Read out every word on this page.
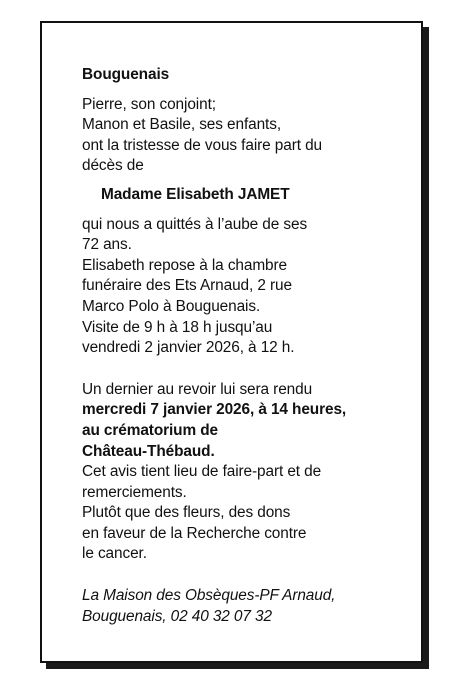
Bouguenais

Pierre, son conjoint;
Manon et Basile, ses enfants,
ont la tristesse de vous faire part du
décès de

Madame Elisabeth JAMET

qui nous a quittés à l’aube de ses
72 ans.
Elisabeth repose à la chambre
funéraire des Ets Arnaud, 2 rue
Marco Polo à Bouguenais.
Visite de 9 h à 18 h jusqu’au
vendredi 2 janvier 2026, à 12 h.

Un dernier au revoir lui sera rendu
mercredi 7 janvier 2026, à 14 heures,
au crématorium de
Château-Thébaud.
Cet avis tient lieu de faire-part et de
remerciements.
Plutôt que des fleurs, des dons
en faveur de la Recherche contre
le cancer.

La Maison des Obsèques-PF Arnaud,
Bouguenais, 02 40 32 07 32
